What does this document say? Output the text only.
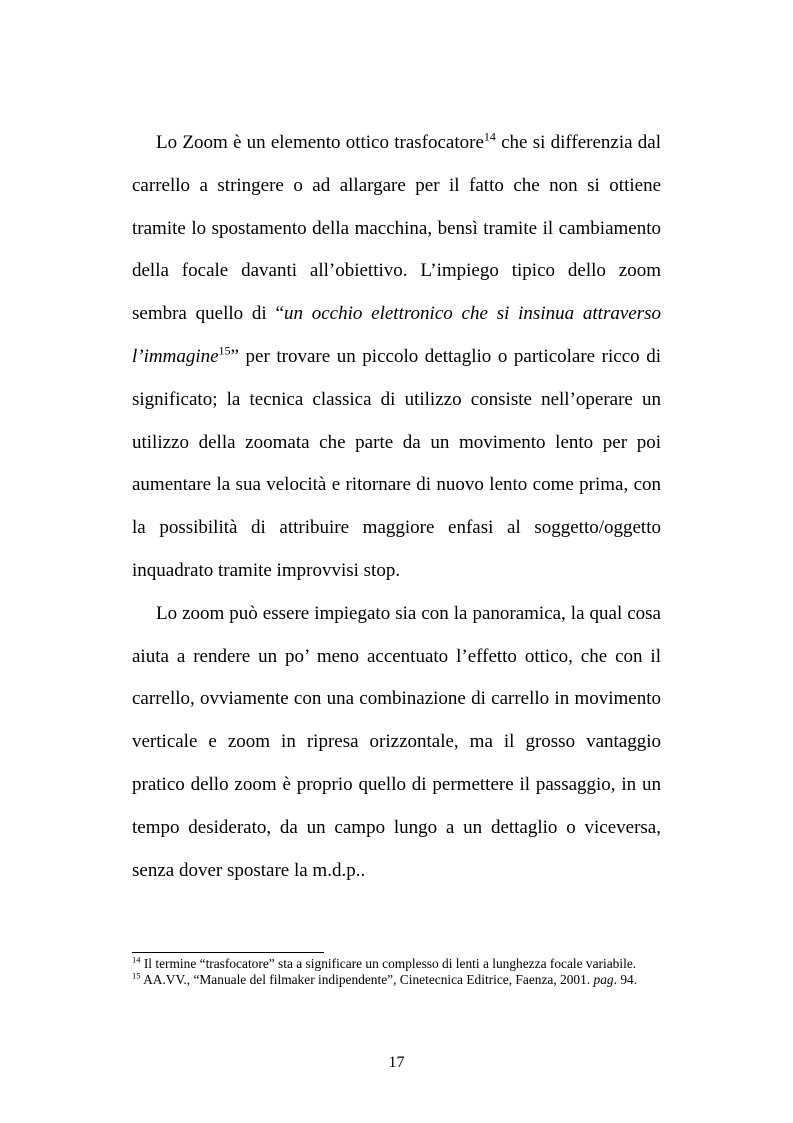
Lo Zoom è un elemento ottico trasfocatore$^{14}$ che si differenzia dal carrello a stringere o ad allargare per il fatto che non si ottiene tramite lo spostamento della macchina, bensì tramite il cambiamento della focale davanti all’obiettivo. L’impiego tipico dello zoom sembra quello di “un occhio elettronico che si insinua attraverso l’immagine$^{15}$” per trovare un piccolo dettaglio o particolare ricco di significato; la tecnica classica di utilizzo consiste nell’operare un utilizzo della zoomata che parte da un movimento lento per poi aumentare la sua velocità e ritornare di nuovo lento come prima, con la possibilità di attribuire maggiore enfasi al soggetto/oggetto inquadrato tramite improvvisi stop.

Lo zoom può essere impiegato sia con la panoramica, la qual cosa aiuta a rendere un po’ meno accentuato l’effetto ottico, che con il carrello, ovviamente con una combinazione di carrello in movimento verticale e zoom in ripresa orizzontale, ma il grosso vantaggio pratico dello zoom è proprio quello di permettere il passaggio, in un tempo desiderato, da un campo lungo a un dettaglio o viceversa, senza dover spostare la m.d.p..

$^{14}$ Il termine “trasfocatore” sta a significare un complesso di lenti a lunghezza focale variabile.

$^{15}$ AA.VV., “Manuale del filmaker indipendente”, Cinetecnica Editrice, Faenza, 2001. pag. 94.

17
